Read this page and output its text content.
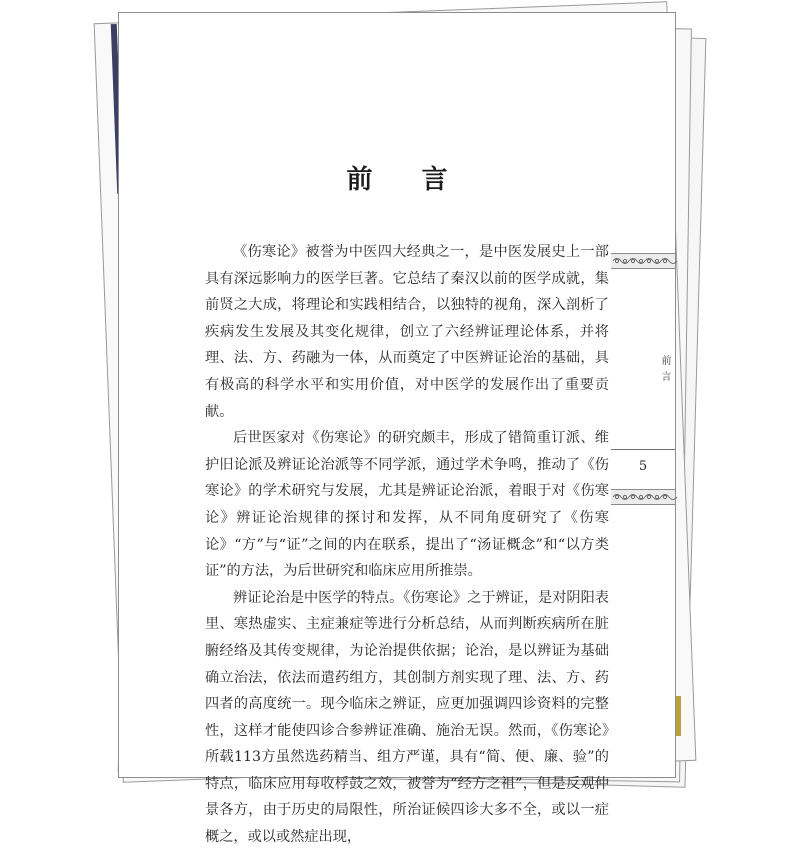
前 言

《伤寒论》被誉为中医四大经典之一，是中医发展史上一部具有深远影响力的医学巨著。它总结了秦汉以前的医学成就，集前贤之大成，将理论和实践相结合，以独特的视角，深入剖析了疾病发生发展及其变化规律，创立了六经辨证理论体系，并将理、法、方、药融为一体，从而奠定了中医辨证论治的基础，具有极高的科学水平和实用价值，对中医学的发展作出了重要贡献。

后世医家对《伤寒论》的研究颇丰，形成了错简重订派、维护旧论派及辨证论治派等不同学派，通过学术争鸣，推动了《伤寒论》的学术研究与发展，尤其是辨证论治派，着眼于对《伤寒论》辨证论治规律的探讨和发挥，从不同角度研究了《伤寒论》“方”与“证”之间的内在联系，提出了“汤证概念”和“以方类证”的方法，为后世研究和临床应用所推崇。

辨证论治是中医学的特点。《伤寒论》之于辨证，是对阴阳表里、寒热虚实、主症兼症等进行分析总结，从而判断疾病所在脏腑经络及其传变规律，为论治提供依据；论治，是以辨证为基础确立治法，依法而遣药组方，其创制方剂实现了理、法、方、药四者的高度统一。现今临床之辨证，应更加强调四诊资料的完整性，这样才能使四诊合参辨证准确、施治无误。然而，《伤寒论》所载113方虽然选药精当、组方严谨，具有“简、便、廉、验”的特点，临床应用每收桴鼓之效，被誉为“经方之祖”，但是反观仲景各方，由于历史的局限性，所治证候四诊大多不全，或以一症概之，或以或然症出现，

前言

5
